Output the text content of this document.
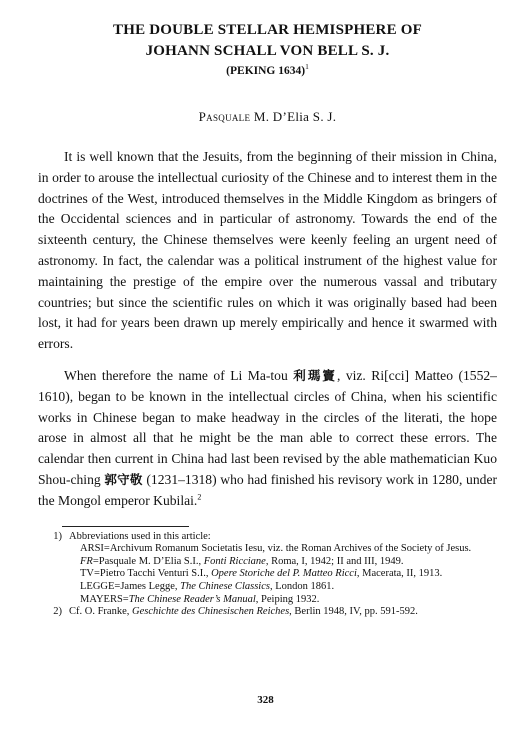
THE DOUBLE STELLAR HEMISPHERE OF
JOHANN SCHALL VON BELL S. J.
(PEKING 1634)$^1$
Pasquale M. D’Elia S. J.

It is well known that the Jesuits, from the beginning of their mission in China, in order to arouse the intellectual curiosity of the Chinese and to interest them in the doctrines of the West, introduced themselves in the Middle Kingdom as bringers of the Occidental sciences and in particular of astronomy. Towards the end of the sixteenth century, the Chinese themselves were keenly feeling an urgent need of astronomy. In fact, the calendar was a political instrument of the highest value for maintaining the prestige of the empire over the numerous vassal and tributary countries; but since the scientific rules on which it was originally based had been lost, it had for years been drawn up merely empirically and hence it swarmed with errors.

When therefore the name of Li Ma-tou 利瑪竇, viz. Ri[cci] Matteo (1552–1610), began to be known in the intellectual circles of China, when his scientific works in Chinese began to make headway in the circles of the literati, the hope arose in almost all that he might be the man able to correct these errors. The calendar then current in China had last been revised by the able mathematician Kuo Shou-ching 郭守敬 (1231–1318) who had finished his revisory work in 1280, under the Mongol emperor Kubilai.$^2$

1) Abbreviations used in this article:
ARSI=Archivum Romanum Societatis Iesu, viz. the Roman Archives of the Society of Jesus.
FR=Pasquale M. D’Elia S.I., Fonti Ricciane, Roma, I, 1942; II and III, 1949.
TV=Pietro Tacchi Venturi S.I., Opere Storiche del P. Matteo Ricci, Macerata, II, 1913.
LEGGE=James Legge, The Chinese Classics, London 1861.
MAYERS=The Chinese Reader’s Manual, Peiping 1932.
2) Cf. O. Franke, Geschichte des Chinesischen Reiches, Berlin 1948, IV, pp. 591-592.
328
